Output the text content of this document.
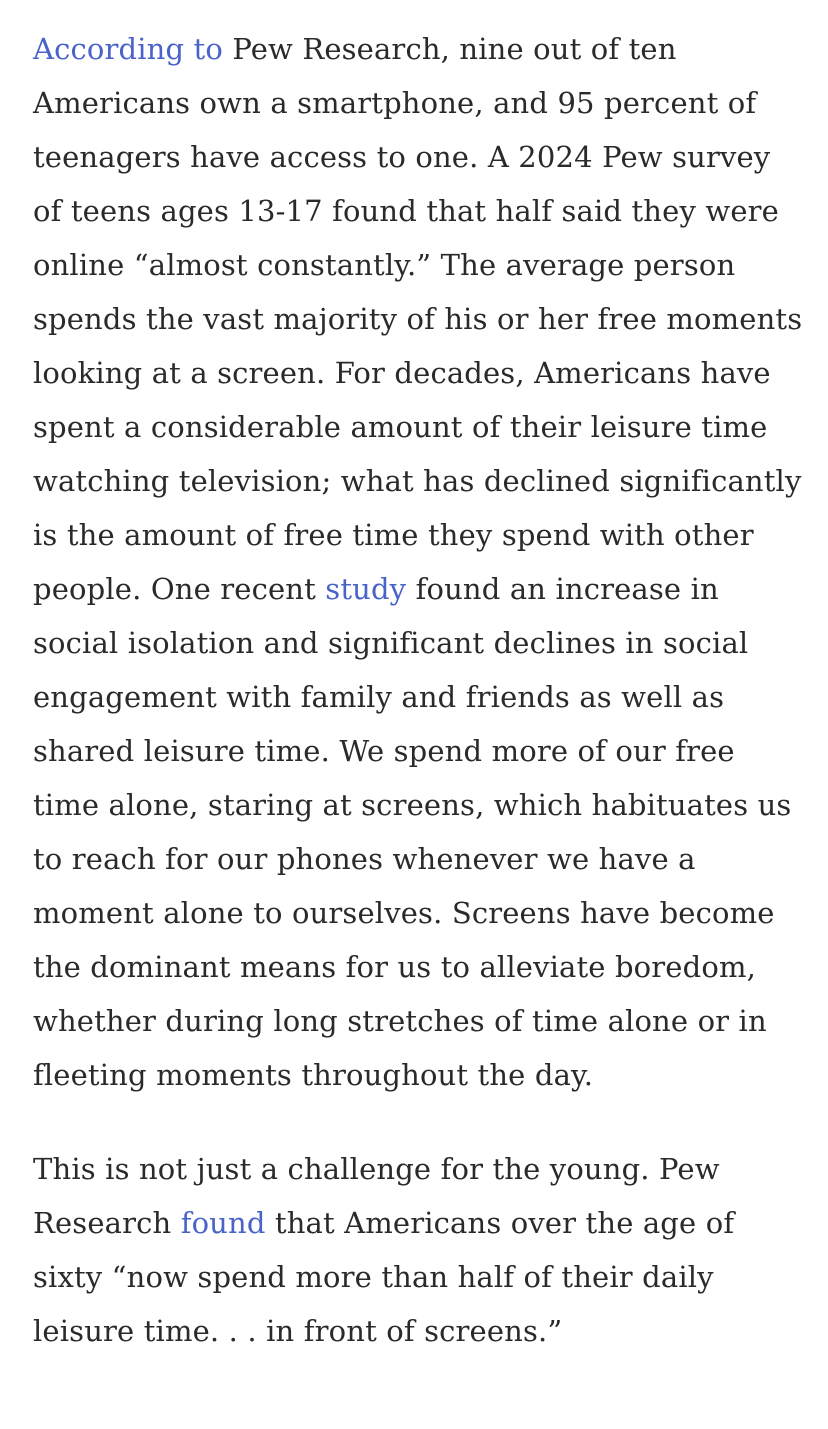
According to Pew Research, nine out of ten Americans own a smartphone, and 95 percent of teenagers have access to one. A 2024 Pew survey of teens ages 13-17 found that half said they were online “almost constantly.” The average person spends the vast majority of his or her free moments looking at a screen. For decades, Americans have spent a considerable amount of their leisure time watching television; what has declined significantly is the amount of free time they spend with other people. One recent study found an increase in social isolation and significant declines in social engagement with family and friends as well as shared leisure time. We spend more of our free time alone, staring at screens, which habituates us to reach for our phones whenever we have a moment alone to ourselves. Screens have become the dominant means for us to alleviate boredom, whether during long stretches of time alone or in fleeting moments throughout the day.

This is not just a challenge for the young. Pew Research found that Americans over the age of sixty “now spend more than half of their daily leisure time. . . in front of screens.”
